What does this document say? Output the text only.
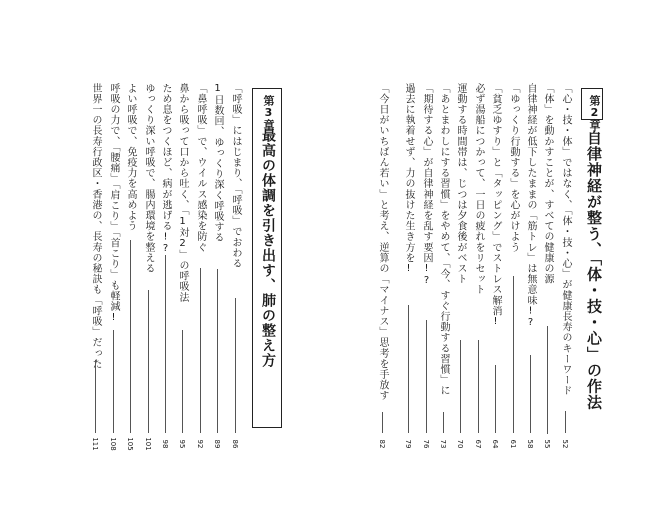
第2章
自律神経が整う、「体・技・心」の作法
「心・技・体」ではなく、「体・技・心」が健康長寿のキーワード
52
「体」を動かすことが、すべての健康の源
55
自律神経が低下したままの「筋トレ」は無意味!?
58
「ゆっくり行動する」を心がけよう
61
「貧乏ゆすり」と「タッピング」でストレス解消!
64
必ず湯船につかって、一日の疲れをリセット
67
運動する時間帯は、じつは夕食後がベスト
70
「あとまわしにする習慣」をやめて、「今、すぐ行動する習慣」に
73
「期待する心」が自律神経を乱す要因!?
76
過去に執着せず、力の抜けた生き方を!
79
「今日がいちばん若い」と考え、逆算の「マイナス」思考を手放す
82
第3章
最高の体調を引き出す、肺の整え方
「呼吸」にはじまり、「呼吸」でおわる
86
1日数回、ゆっくり深く呼吸する
89
「鼻呼吸」で、ウイルス感染を防ぐ
92
鼻から吸って口から吐く、「1対2」の呼吸法
95
ため息をつくほど、病が逃げる!?
98
ゆっくり深い呼吸で、腸内環境を整える
101
よい呼吸で、免疫力を高めよう
105
呼吸の力で、「腰痛」「肩こり」「首こり」も軽減!
108
世界一の長寿行政区・香港の、長寿の秘訣も「呼吸」だった
111
